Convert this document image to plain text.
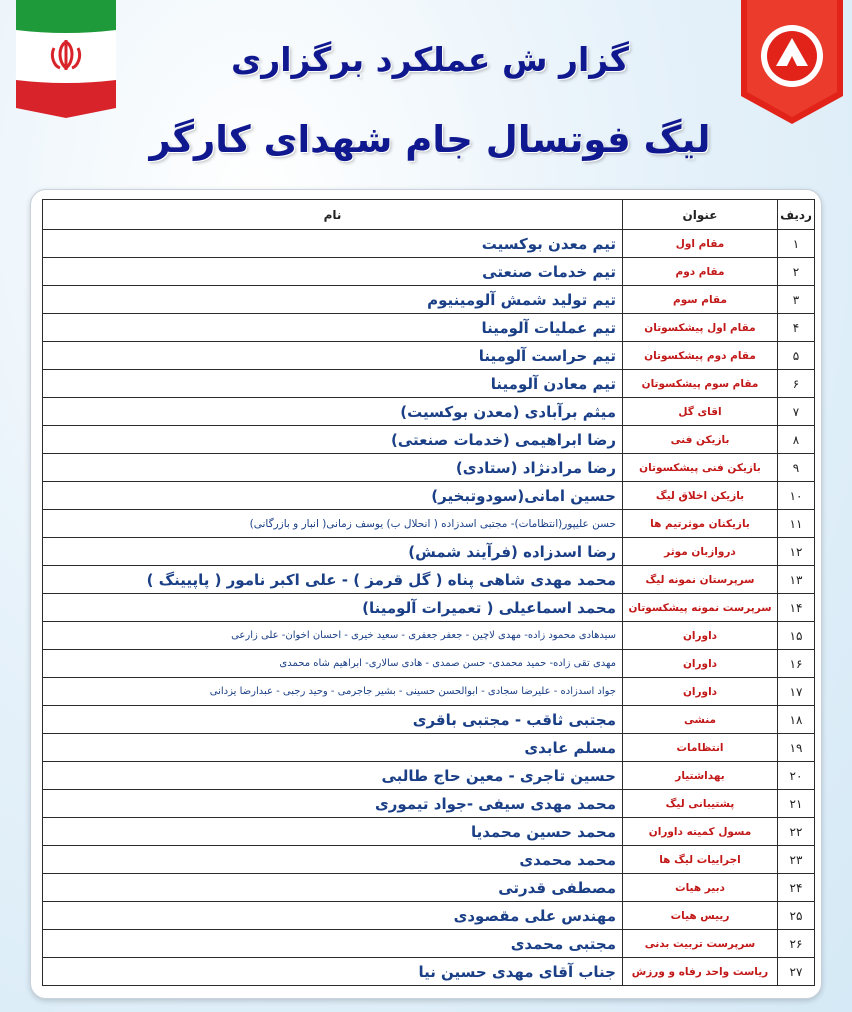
گزار ش عملکرد برگزاری
لیگ فوتسال جام شهدای کارگر
ردیف	عنوان	نام
۱	مقام اول	تیم معدن بوکسیت
۲	مقام دوم	تیم خدمات صنعتی
۳	مقام سوم	تیم تولید شمش آلومینیوم
۴	مقام اول پیشکسوتان	تیم عملیات آلومینا
۵	مقام دوم پیشکسوتان	تیم حراست آلومینا
۶	مقام سوم پیشکسوتان	تیم معادن آلومینا
۷	اقای گل	میثم برآبادی (معدن بوکسیت)
۸	بازیکن فنی	رضا ابراهیمی (خدمات صنعتی)
۹	بازیکن فنی پیشکسوتان	رضا مرادنژاد (ستادی)
۱۰	بازیکن اخلاق لیگ	حسین امانی(سودوتبخیر)
۱۱	بازیکنان موثرتیم ها	حسن علیپور(انتظامات)- مجتبی اسدزاده ( انحلال ب) یوسف زمانی( انبار و بازرگانی)
۱۲	دروازبان موثر	رضا اسدزاده (فرآیند شمش)
۱۳	سرپرستان نمونه لیگ	محمد مهدی شاهی پناه ( گل قرمز ) - علی اکبر نامور ( پاپیینگ )
۱۴	سرپرست نمونه پیشکسوتان	محمد اسماعیلی ( تعمیرات آلومینا)
۱۵	داوران	سیدهادی محمود زاده- مهدی لاچین - جعفر جعفری - سعید خیری - احسان اخوان- علی زارعی
۱۶	داوران	مهدی تقی زاده- حمید محمدی- حسن صمدی - هادی سالاری- ابراهیم شاه محمدی
۱۷	داوران	جواد اسدزاده - علیرضا سجادی - ابوالحسن حسینی - بشیر جاجرمی - وحید رجبی - عبدارضا یزدانی
۱۸	منشی	مجتبی ثاقب - مجتبی باقری
۱۹	انتظامات	مسلم عابدی
۲۰	بهداشتیار	حسین تاجری - معین حاج طالبی
۲۱	پشتیبانی لیگ	محمد مهدی سیفی -جواد تیموری
۲۲	مسول کمیته داوران	محمد حسین محمدیا
۲۳	اجراییات لیگ ها	محمد محمدی
۲۴	دبیر هیات	مصطفی قدرتی
۲۵	رییس هیات	مهندس علی مقصودی
۲۶	سرپرست تربیت بدنی	مجتبی محمدی
۲۷	ریاست واحد رفاه و ورزش	جناب آقای مهدی حسین نیا
